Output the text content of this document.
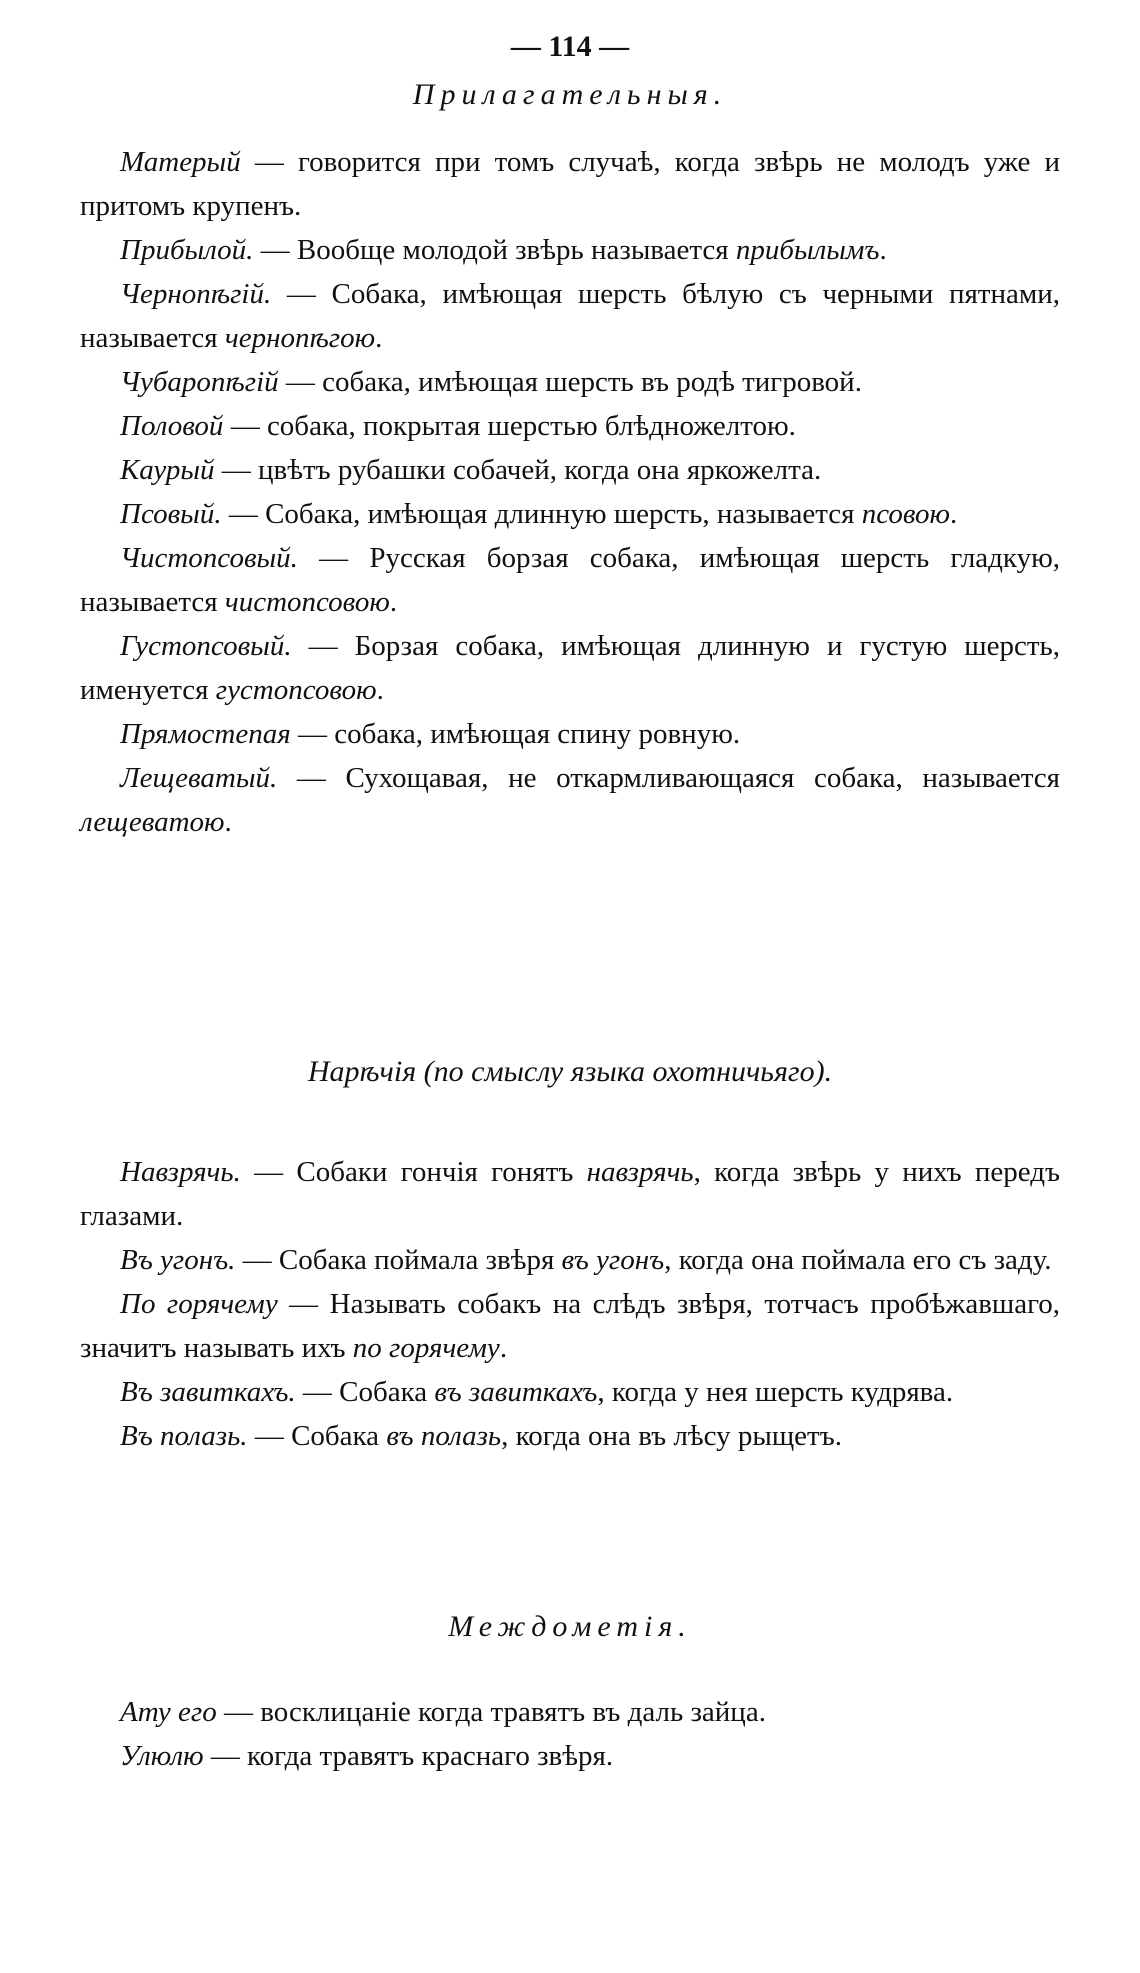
— 114 —
Прилагательныя.

Матерый — говорится при томъ случаѣ, когда звѣрь не молодъ уже и притомъ крупенъ.

Прибылой. — Вообще молодой звѣрь называется прибылымъ.

Чернопѣгій. — Собака, имѣющая шерсть бѣлую съ черными пятнами, называется чернопѣгою.

Чубаропѣгій — собака, имѣющая шерсть въ родѣ тигровой.

Половой — собака, покрытая шерстью блѣдножелтою.

Каурый — цвѣтъ рубашки собачей, когда она яркожелта.

Псовый. — Собака, имѣющая длинную шерсть, называется псовою.

Чистопсовый. — Русская борзая собака, имѣющая шерсть гладкую, называется чистопсовою.

Густопсовый. — Борзая собака, имѣющая длинную и густую шерсть, именуется густопсовою.

Прямостепая — собака, имѣющая спину ровную.

Лещеватый. — Сухощавая, не откармливающаяся собака, называется лещеватою.

Нарѣчія (по смыслу языка охотничьяго).

Навзрячь. — Собаки гончія гонятъ навзрячь, когда звѣрь у нихъ передъ глазами.

Въ угонъ. — Собака поймала звѣря въ угонъ, когда она поймала его съ заду.

По горячему — Называть собакъ на слѣдъ звѣря, тотчасъ пробѣжавшаго, значитъ называть ихъ по горячему.

Въ завиткахъ. — Собака въ завиткахъ, когда у нея шерсть кудрява.

Въ полазь. — Собака въ полазь, когда она въ лѣсу рыщетъ.

Междометія.

Ату его — восклицаніе когда травятъ въ даль зайца.

Улюлю — когда травятъ краснаго звѣря.
